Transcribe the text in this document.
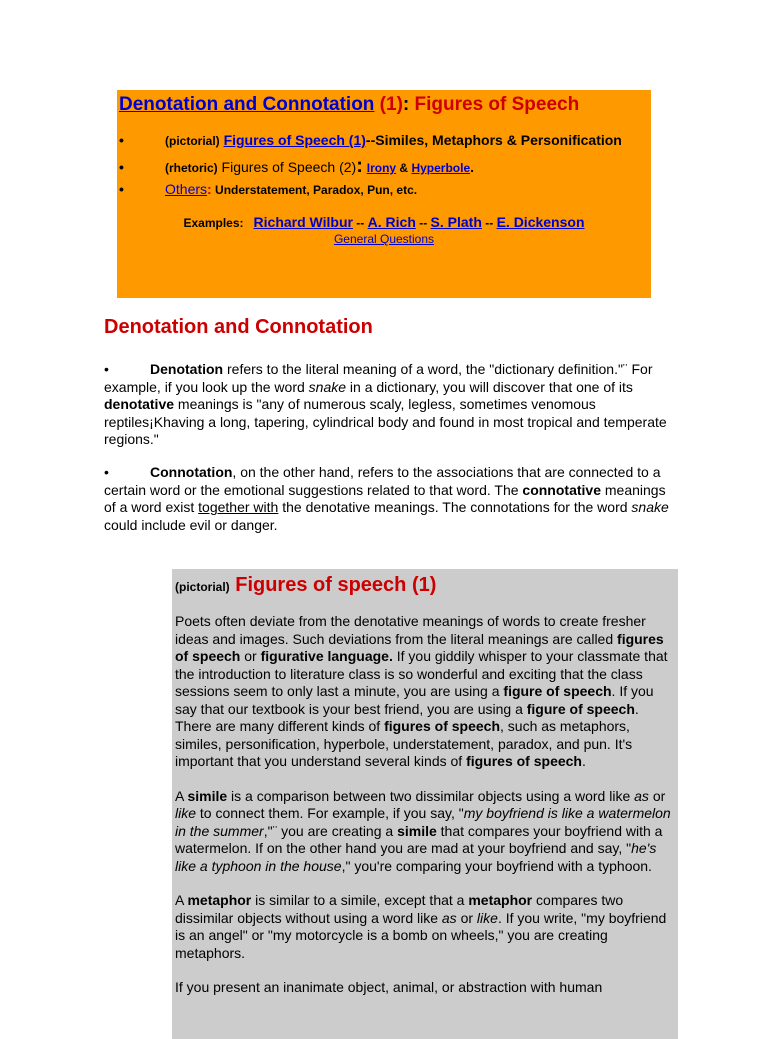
Denotation and Connotation (1): Figures of Speech

•	(pictorial) Figures of Speech (1)--Similes, Metaphors & Personification
•	(rhetoric) Figures of Speech (2): Irony & Hyperbole.
•	Others: Understatement, Paradox, Pun, etc.
Examples: Richard Wilbur -- A. Rich -- S. Plath -- E. Dickenson
General Questions
Denotation and Connotation

•	Denotation refers to the literal meaning of a word, the "dictionary definition."¨ For example, if you look up the word snake in a dictionary, you will discover that one of its denotative meanings is "any of numerous scaly, legless, sometimes venomous reptiles¡Khaving a long, tapering, cylindrical body and found in most tropical and temperate regions."

•	Connotation, on the other hand, refers to the associations that are connected to a certain word or the emotional suggestions related to that word. The connotative meanings of a word exist together with the denotative meanings. The connotations for the word snake could include evil or danger.

(pictorial) Figures of speech (1)

Poets often deviate from the denotative meanings of words to create fresher ideas and images. Such deviations from the literal meanings are called figures of speech or figurative language. If you giddily whisper to your classmate that the introduction to literature class is so wonderful and exciting that the class sessions seem to only last a minute, you are using a figure of speech. If you say that our textbook is your best friend, you are using a figure of speech. There are many different kinds of figures of speech, such as metaphors, similes, personification, hyperbole, understatement, paradox, and pun. It's important that you understand several kinds of figures of speech.

A simile is a comparison between two dissimilar objects using a word like as or like to connect them. For example, if you say, "my boyfriend is like a watermelon in the summer,"¨ you are creating a simile that compares your boyfriend with a watermelon. If on the other hand you are mad at your boyfriend and say, "he's like a typhoon in the house," you're comparing your boyfriend with a typhoon.

A metaphor is similar to a simile, except that a metaphor compares two dissimilar objects without using a word like as or like. If you write, "my boyfriend is an angel" or "my motorcycle is a bomb on wheels," you are creating metaphors.

If you present an inanimate object, animal, or abstraction with human
